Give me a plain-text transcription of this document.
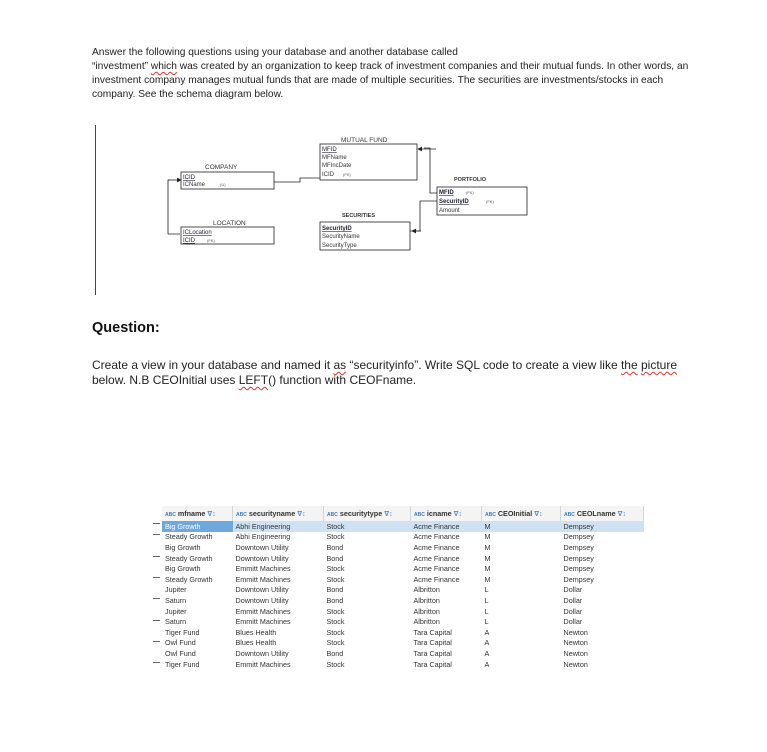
Answer the following questions using your database and another database called
“investment” which was created by an organization to keep track of investment companies and their mutual funds. In other words, an
investment company manages mutual funds that are made of multiple securities. The securities are investments/stocks in each
company. See the schema diagram below.
COMPANY
ICID
ICName	(U)
LOCATION
ICLocation
ICID	(FK)
MUTUAL FUND
MFID
MFName
MFIncDate
ICID (FK)
SECURITIES
SecurityID
SecurityName
SecurityType
PORTFOLIO
MFID	(FK)
SecurityID	(FK)
Amount
Question:
Create a view in your database and named it as “securityinfo”. Write SQL code to create a view like the picture
below. N.B CEOInitial uses LEFT() function with CEOFname.
ABC mfname ∇↕	ABC securityname ∇↕	ABC securitytype ∇↕	ABC icname ∇↕	ABC CEOInitial ∇↕	ABC CEOLname ∇↕
Big Growth	Abhi Engineering	Stock	Acme Finance	M	Dempsey
Steady Growth	Abhi Engineering	Stock	Acme Finance	M	Dempsey
Big Growth	Downtown Utility	Bond	Acme Finance	M	Dempsey
Steady Growth	Downtown Utility	Bond	Acme Finance	M	Dempsey
Big Growth	Emmitt Machines	Stock	Acme Finance	M	Dempsey
Steady Growth	Emmitt Machines	Stock	Acme Finance	M	Dempsey
Jupiter	Downtown Utility	Bond	Albritton	L	Dollar
Saturn	Downtown Utility	Bond	Albritton	L	Dollar
Jupiter	Emmitt Machines	Stock	Albritton	L	Dollar
Saturn	Emmitt Machines	Stock	Albritton	L	Dollar
Tiger Fund	Blues Health	Stock	Tara Capital	A	Newton
Owl Fund	Blues Health	Stock	Tara Capital	A	Newton
Owl Fund	Downtown Utility	Bond	Tara Capital	A	Newton
Tiger Fund	Emmitt Machines	Stock	Tara Capital	A	Newton
